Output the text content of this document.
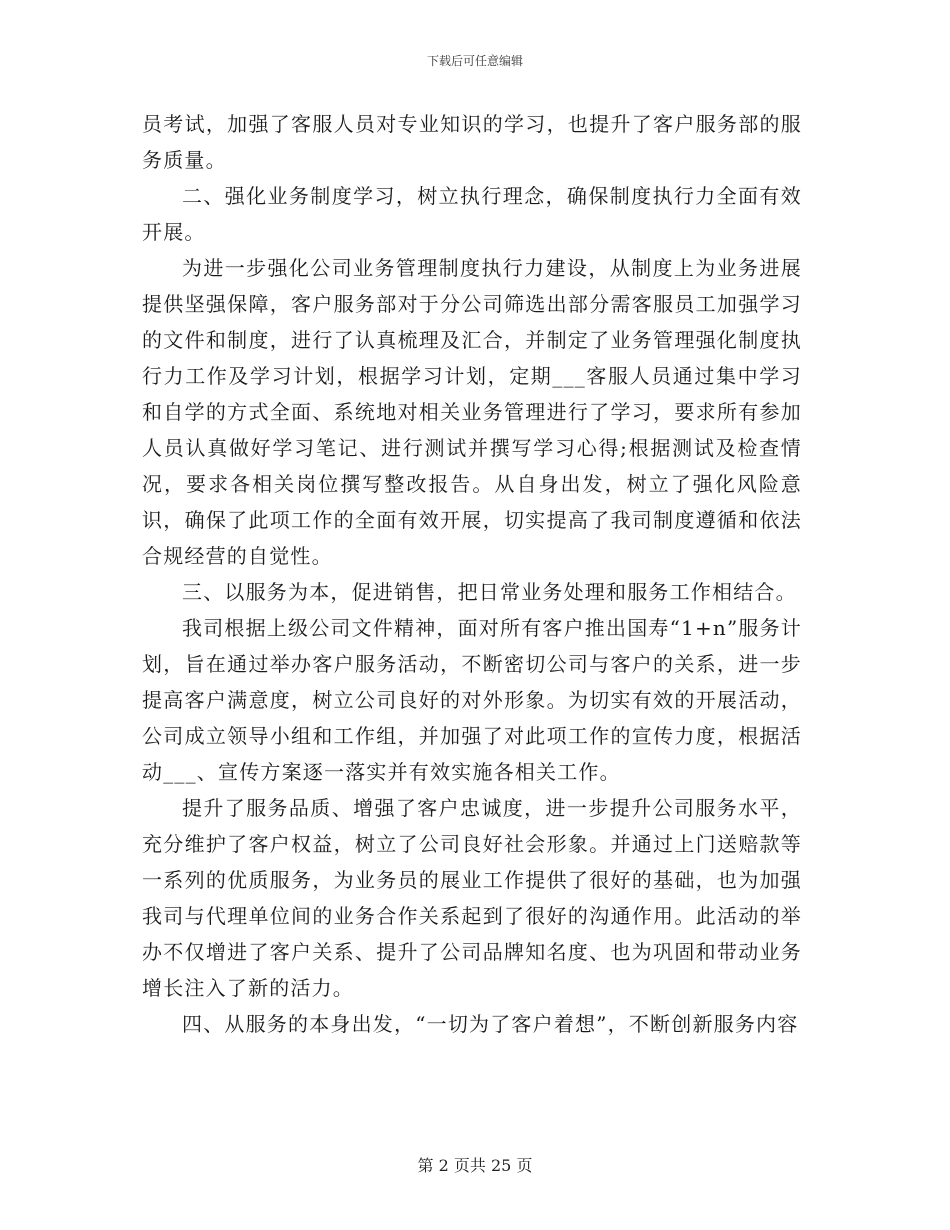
下载后可任意编辑

员考试，加强了客服人员对专业知识的学习，也提升了客户服务部的服务质量。

二、强化业务制度学习，树立执行理念，确保制度执行力全面有效开展。

为进一步强化公司业务管理制度执行力建设，从制度上为业务进展提供坚强保障，客户服务部对于分公司筛选出部分需客服员工加强学习的文件和制度，进行了认真梳理及汇合，并制定了业务管理强化制度执行力工作及学习计划，根据学习计划，定期___客服人员通过集中学习和自学的方式全面、系统地对相关业务管理进行了学习，要求所有参加人员认真做好学习笔记、进行测试并撰写学习心得;根据测试及检查情况，要求各相关岗位撰写整改报告。从自身出发，树立了强化风险意识，确保了此项工作的全面有效开展，切实提高了我司制度遵循和依法合规经营的自觉性。

三、以服务为本，促进销售，把日常业务处理和服务工作相结合。

我司根据上级公司文件精神，面对所有客户推出国寿“1+n”服务计划，旨在通过举办客户服务活动，不断密切公司与客户的关系，进一步提高客户满意度，树立公司良好的对外形象。为切实有效的开展活动，公司成立领导小组和工作组，并加强了对此项工作的宣传力度，根据活动___、宣传方案逐一落实并有效实施各相关工作。

提升了服务品质、增强了客户忠诚度，进一步提升公司服务水平，充分维护了客户权益，树立了公司良好社会形象。并通过上门送赔款等一系列的优质服务，为业务员的展业工作提供了很好的基础，也为加强我司与代理单位间的业务合作关系起到了很好的沟通作用。此活动的举办不仅增进了客户关系、提升了公司品牌知名度、也为巩固和带动业务增长注入了新的活力。

四、从服务的本身出发，“一切为了客户着想”，不断创新服务内容

第 2 页共 25 页
